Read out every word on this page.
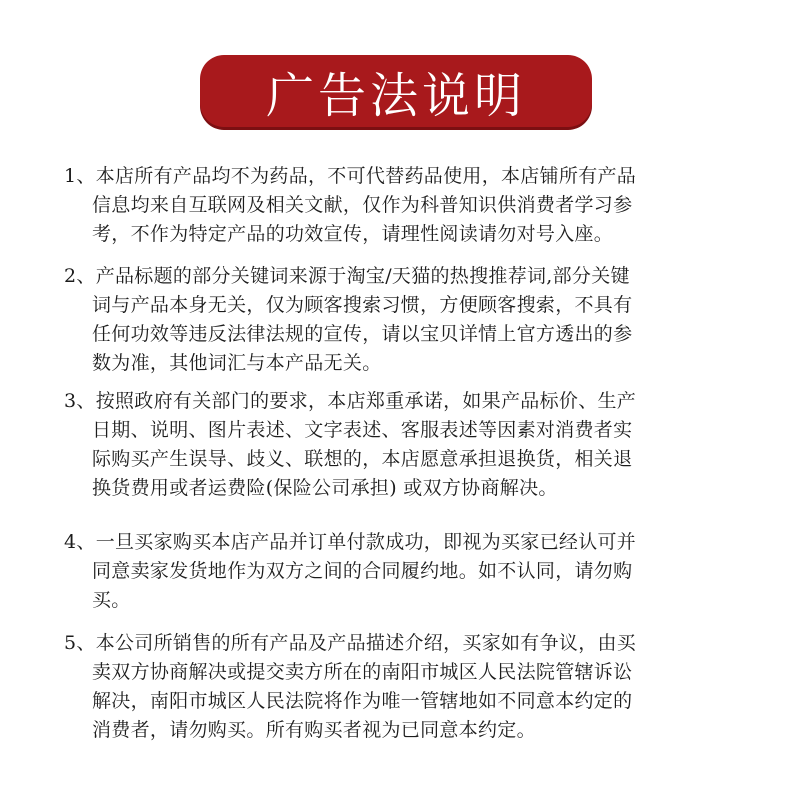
广告法说明

1、本店所有产品均不为药品，不可代替药品使用，本店铺所有产品
信息均来自互联网及相关文献，仅作为科普知识供消费者学习参
考，不作为特定产品的功效宣传，请理性阅读请勿对号入座。

2、产品标题的部分关键词来源于淘宝/天猫的热搜推荐词,部分关键
词与产品本身无关，仅为顾客搜索习惯，方便顾客搜索，不具有
任何功效等违反法律法规的宣传，请以宝贝详情上官方透出的参
数为准，其他词汇与本产品无关。

3、按照政府有关部门的要求，本店郑重承诺，如果产品标价、生产
日期、说明、图片表述、文字表述、客服表述等因素对消费者实
际购买产生误导、歧义、联想的，本店愿意承担退换货，相关退
换货费用或者运费险(保险公司承担) 或双方协商解决。

4、一旦买家购买本店产品并订单付款成功，即视为买家已经认可并
同意卖家发货地作为双方之间的合同履约地。如不认同，请勿购
买。

5、本公司所销售的所有产品及产品描述介绍，买家如有争议，由买
卖双方协商解决或提交卖方所在的南阳市城区人民法院管辖诉讼
解决，南阳市城区人民法院将作为唯一管辖地如不同意本约定的
消费者，请勿购买。所有购买者视为已同意本约定。
